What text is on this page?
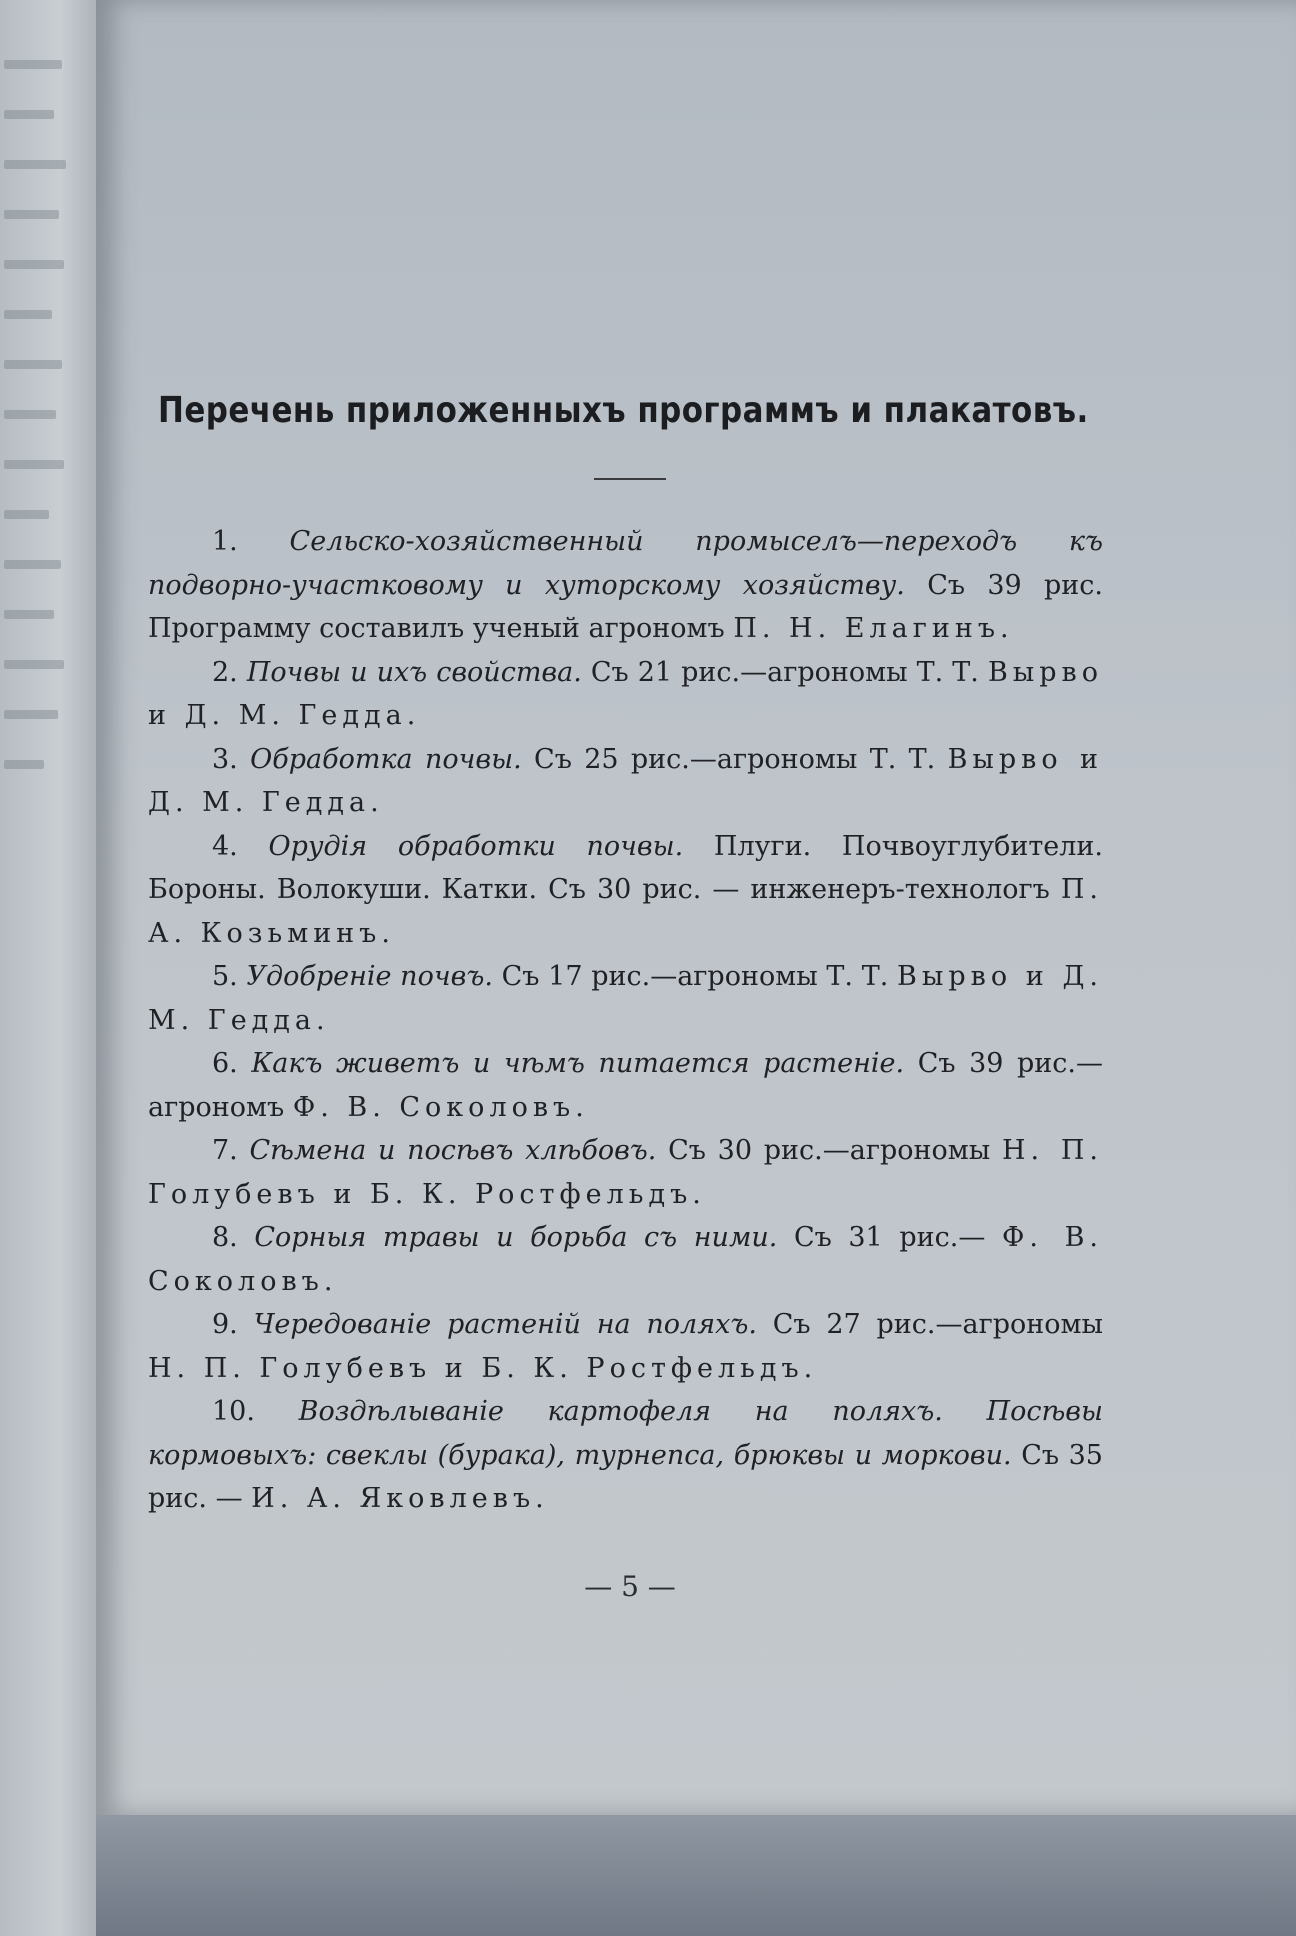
Перечень приложенныхъ программъ и плакатовъ.

1. Сельско-хозяйственный промыселъ—переходъ къ подворно-участковому и хуторскому хозяйству. Съ 39 рис. Программу составилъ ученый агрономъ П. Н. Елагинъ.

2. Почвы и ихъ свойства. Съ 21 рис.—агрономы Т. Т. Вырво и Д. М. Гедда.

3. Обработка почвы. Съ 25 рис.—агрономы Т. Т. Вырво и Д. М. Гедда.

4. Орудія обработки почвы. Плуги. Почвоуглубители. Бороны. Волокуши. Катки. Съ 30 рис. — инженеръ-технологъ П. А. Козьминъ.

5. Удобреніе почвъ. Съ 17 рис.—агрономы Т. Т. Вырво и Д. М. Гедда.

6. Какъ живетъ и чѣмъ питается растеніе. Съ 39 рис.—агрономъ Ф. В. Соколовъ.

7. Сѣмена и посѣвъ хлѣбовъ. Съ 30 рис.—агрономы Н. П. Голубевъ и Б. К. Ростфельдъ.

8. Сорныя травы и борьба съ ними. Съ 31 рис.— Ф. В. Соколовъ.

9. Чередованіе растеній на поляхъ. Съ 27 рис.—агрономы Н. П. Голубевъ и Б. К. Ростфельдъ.

10. Воздѣлываніе картофеля на поляхъ. Посѣвы кормовыхъ: свеклы (бурака), турнепса, брюквы и моркови. Съ 35 рис. — И. А. Яковлевъ.

— 5 —
